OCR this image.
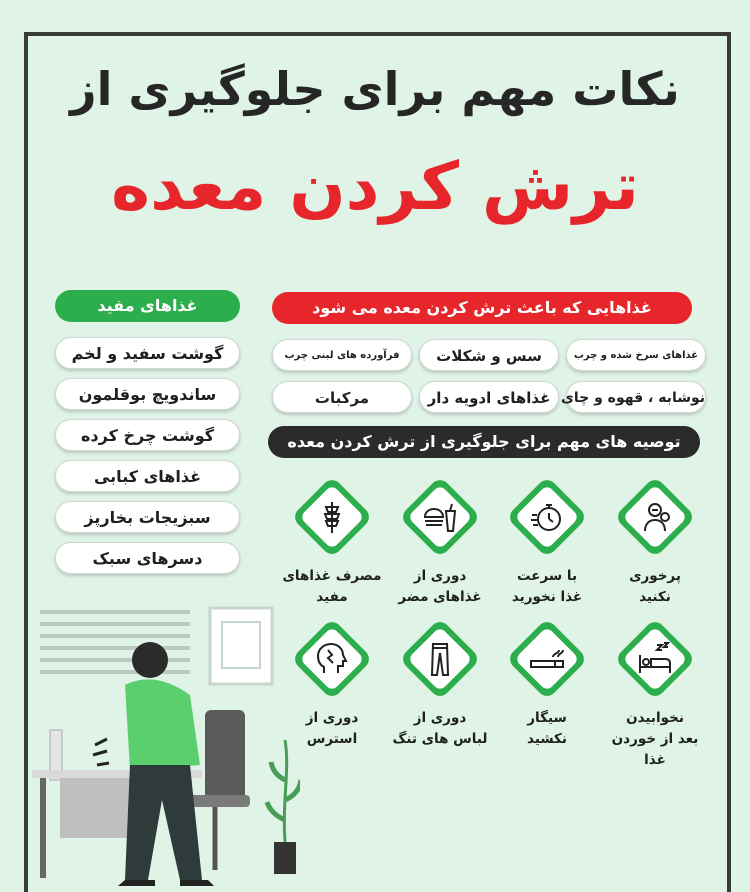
نکات مهم برای جلوگیری از
ترش کردن معده
غذاهایی که باعث ترش کردن معده می شود
غذاهای سرخ شده و چرب
سس و شکلات
فرآورده های لبنی چرب
نوشابه ، قهوه و چای
غذاهای ادویه دار
مرکبات
غذاهای مفید
گوشت سفید و لخم
ساندویچ بوقلمون
گوشت چرخ کرده
غذاهای کبابی
سبزیجات بخارپز
دسرهای سبک
توصیه های مهم برای جلوگیری از ترش کردن معده
پرخوری
نکنید
با سرعت
غذا نخورید
دوری از
غذاهای مضر
مصرف غذاهای
مفید
نخوابیدن
بعد از خوردن غذا
سیگار
نکشید
دوری از
لباس های تنگ
دوری از
استرس
